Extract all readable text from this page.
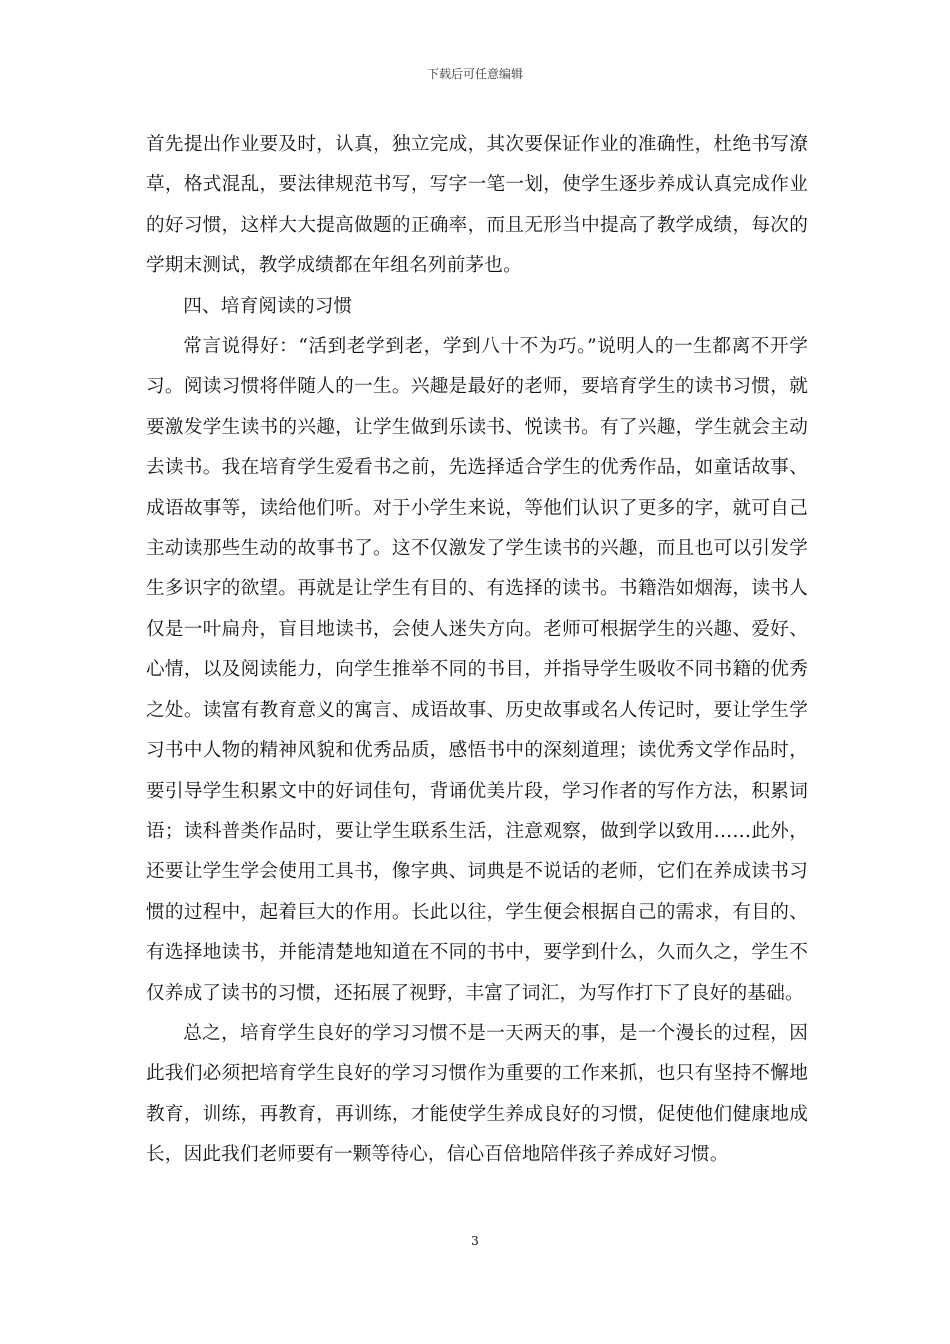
下载后可任意编辑

首先提出作业要及时，认真，独立完成，其次要保证作业的准确性，杜绝书写潦草，格式混乱，要法律规范书写，写字一笔一划，使学生逐步养成认真完成作业的好习惯，这样大大提高做题的正确率，而且无形当中提高了教学成绩，每次的学期末测试，教学成绩都在年组名列前茅也。

四、培育阅读的习惯

常言说得好：“活到老学到老，学到八十不为巧。”说明人的一生都离不开学习。阅读习惯将伴随人的一生。兴趣是最好的老师，要培育学生的读书习惯，就要激发学生读书的兴趣，让学生做到乐读书、悦读书。有了兴趣，学生就会主动去读书。我在培育学生爱看书之前，先选择适合学生的优秀作品，如童话故事、成语故事等，读给他们听。对于小学生来说，等他们认识了更多的字，就可自己主动读那些生动的故事书了。这不仅激发了学生读书的兴趣，而且也可以引发学生多识字的欲望。再就是让学生有目的、有选择的读书。书籍浩如烟海，读书人仅是一叶扁舟，盲目地读书，会使人迷失方向。老师可根据学生的兴趣、爱好、心情，以及阅读能力，向学生推举不同的书目，并指导学生吸收不同书籍的优秀之处。读富有教育意义的寓言、成语故事、历史故事或名人传记时，要让学生学习书中人物的精神风貌和优秀品质，感悟书中的深刻道理；读优秀文学作品时，要引导学生积累文中的好词佳句，背诵优美片段，学习作者的写作方法，积累词语；读科普类作品时，要让学生联系生活，注意观察，做到学以致用……此外，还要让学生学会使用工具书，像字典、词典是不说话的老师，它们在养成读书习惯的过程中，起着巨大的作用。长此以往，学生便会根据自己的需求，有目的、有选择地读书，并能清楚地知道在不同的书中，要学到什么，久而久之，学生不仅养成了读书的习惯，还拓展了视野，丰富了词汇，为写作打下了良好的基础。

总之，培育学生良好的学习习惯不是一天两天的事，是一个漫长的过程，因此我们必须把培育学生良好的学习习惯作为重要的工作来抓，也只有坚持不懈地教育，训练，再教育，再训练，才能使学生养成良好的习惯，促使他们健康地成长，因此我们老师要有一颗等待心，信心百倍地陪伴孩子养成好习惯。

3
